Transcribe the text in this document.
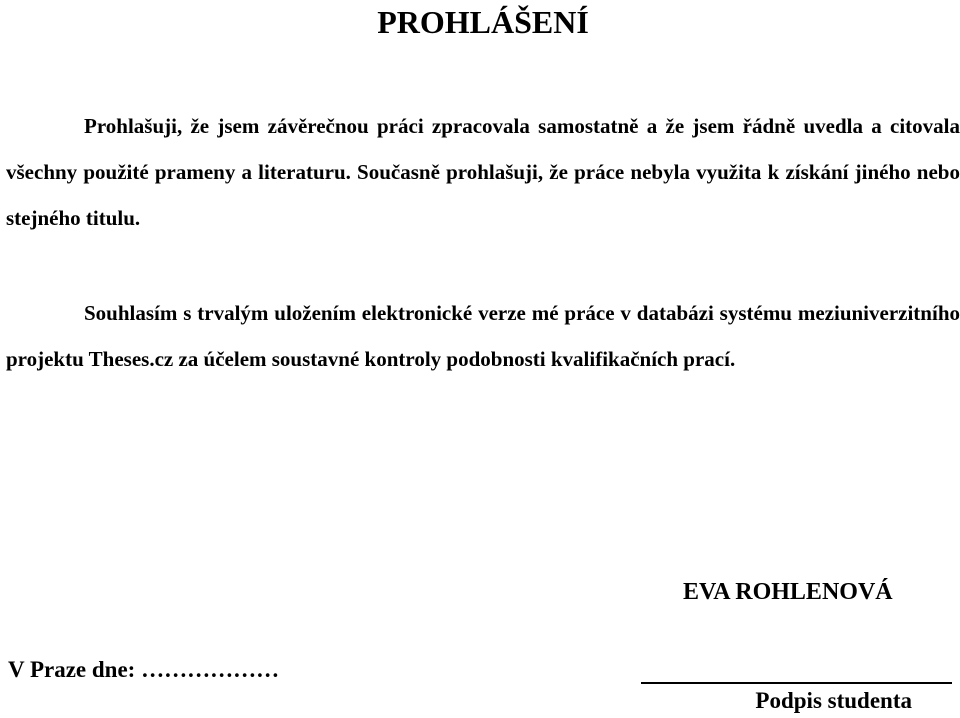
PROHLÁŠENÍ

Prohlašuji, že jsem závěrečnou práci zpracovala samostatně a že jsem řádně uvedla a citovala všechny použité prameny a literaturu. Současně prohlašuji, že práce nebyla využita k získání jiného nebo stejného titulu.

Souhlasím s trvalým uložením elektronické verze mé práce v databázi systému meziuniverzitního projektu Theses.cz za účelem soustavné kontroly podobnosti kvalifikačních prací.

EVA ROHLENOVÁ
V Praze dne: ………………
Podpis studenta
